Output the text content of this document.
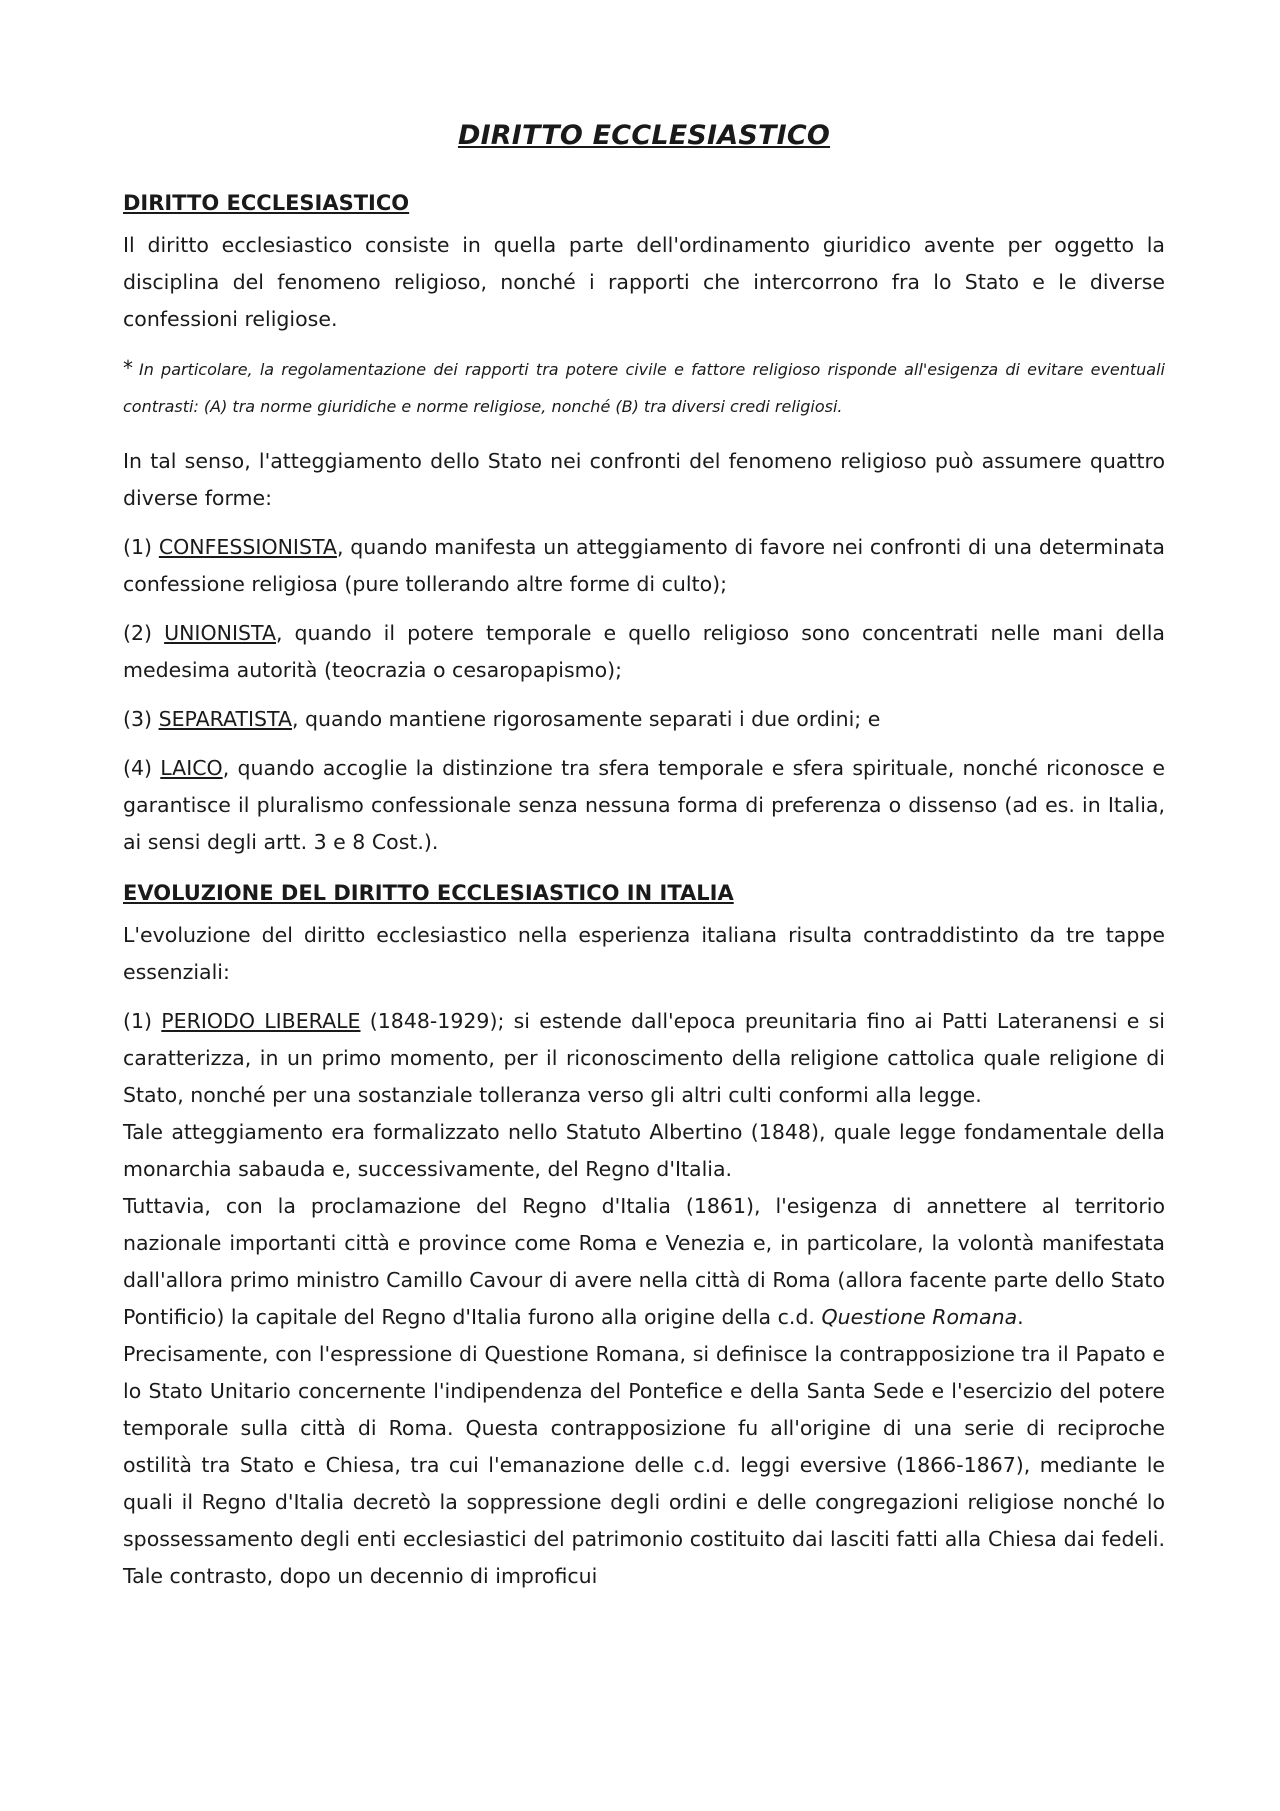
DIRITTO ECCLESIASTICO
DIRITTO ECCLESIASTICO

Il diritto ecclesiastico consiste in quella parte dell'ordinamento giuridico avente per oggetto la disciplina del fenomeno religioso, nonché i rapporti che intercorrono fra lo Stato e le diverse confessioni religiose.

* In particolare, la regolamentazione dei rapporti tra potere civile e fattore religioso risponde all'esigenza di evitare eventuali contrasti: (A) tra norme giuridiche e norme religiose, nonché (B) tra diversi credi religiosi.

In tal senso, l'atteggiamento dello Stato nei confronti del fenomeno religioso può assumere quattro diverse forme:

(1) CONFESSIONISTA, quando manifesta un atteggiamento di favore nei confronti di una determinata confessione religiosa (pure tollerando altre forme di culto);

(2) UNIONISTA, quando il potere temporale e quello religioso sono concentrati nelle mani della medesima autorità (teocrazia o cesaropapismo);

(3) SEPARATISTA, quando mantiene rigorosamente separati i due ordini; e

(4) LAICO, quando accoglie la distinzione tra sfera temporale e sfera spirituale, nonché riconosce e garantisce il pluralismo confessionale senza nessuna forma di preferenza o dissenso (ad es. in Italia, ai sensi degli artt. 3 e 8 Cost.).

EVOLUZIONE DEL DIRITTO ECCLESIASTICO IN ITALIA

L'evoluzione del diritto ecclesiastico nella esperienza italiana risulta contraddistinto da tre tappe essenziali:

(1) PERIODO LIBERALE (1848-1929); si estende dall'epoca preunitaria fino ai Patti Lateranensi e si caratterizza, in un primo momento, per il riconoscimento della religione cattolica quale religione di Stato, nonché per una sostanziale tolleranza verso gli altri culti conformi alla legge.

Tale atteggiamento era formalizzato nello Statuto Albertino (1848), quale legge fondamentale della monarchia sabauda e, successivamente, del Regno d'Italia.

Tuttavia, con la proclamazione del Regno d'Italia (1861), l'esigenza di annettere al territorio nazionale importanti città e province come Roma e Venezia e, in particolare, la volontà manifestata dall'allora primo ministro Camillo Cavour di avere nella città di Roma (allora facente parte dello Stato Pontificio) la capitale del Regno d'Italia furono alla origine della c.d. Questione Romana.

Precisamente, con l'espressione di Questione Romana, si definisce la contrapposizione tra il Papato e lo Stato Unitario concernente l'indipendenza del Pontefice e della Santa Sede e l'esercizio del potere temporale sulla città di Roma. Questa contrapposizione fu all'origine di una serie di reciproche ostilità tra Stato e Chiesa, tra cui l'emanazione delle c.d. leggi eversive (1866-1867), mediante le quali il Regno d'Italia decretò la soppressione degli ordini e delle congregazioni religiose nonché lo spossessamento degli enti ecclesiastici del patrimonio costituito dai lasciti fatti alla Chiesa dai fedeli. Tale contrasto, dopo un decennio di improficui
